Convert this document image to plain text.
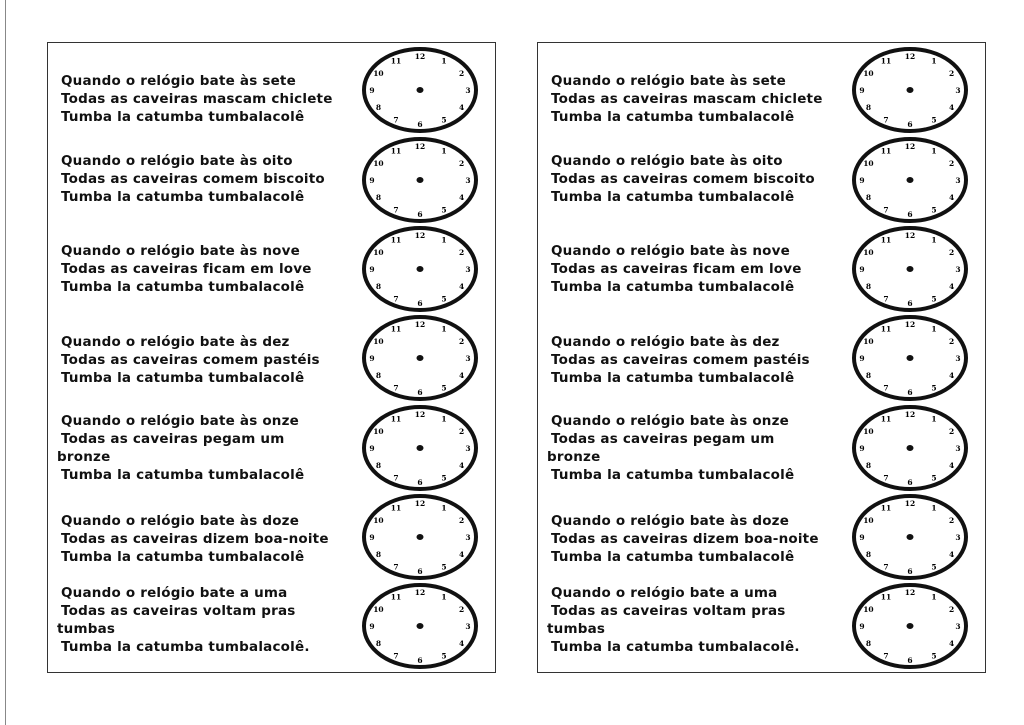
Quando o relógio bate às sete
Todas as caveiras mascam chiclete
Tumba la catumba tumbalacolê
1
2
3
4
5
6
7
8
9
10
11
12
Quando o relógio bate às oito
Todas as caveiras comem biscoito
Tumba la catumba tumbalacolê
1
2
3
4
5
6
7
8
9
10
11
12
Quando o relógio bate às nove
Todas as caveiras ficam em love
Tumba la catumba tumbalacolê
1
2
3
4
5
6
7
8
9
10
11
12
Quando o relógio bate às dez
Todas as caveiras comem pastéis
Tumba la catumba tumbalacolê
1
2
3
4
5
6
7
8
9
10
11
12
Quando o relógio bate às onze
Todas as caveiras pegam um
bronze
Tumba la catumba tumbalacolê
1
2
3
4
5
6
7
8
9
10
11
12
Quando o relógio bate às doze
Todas as caveiras dizem boa-noite
Tumba la catumba tumbalacolê
1
2
3
4
5
6
7
8
9
10
11
12
Quando o relógio bate a uma
Todas as caveiras voltam pras
tumbas
Tumba la catumba tumbalacolê.
1
2
3
4
5
6
7
8
9
10
11
12
Quando o relógio bate às sete
Todas as caveiras mascam chiclete
Tumba la catumba tumbalacolê
1
2
3
4
5
6
7
8
9
10
11
12
Quando o relógio bate às oito
Todas as caveiras comem biscoito
Tumba la catumba tumbalacolê
1
2
3
4
5
6
7
8
9
10
11
12
Quando o relógio bate às nove
Todas as caveiras ficam em love
Tumba la catumba tumbalacolê
1
2
3
4
5
6
7
8
9
10
11
12
Quando o relógio bate às dez
Todas as caveiras comem pastéis
Tumba la catumba tumbalacolê
1
2
3
4
5
6
7
8
9
10
11
12
Quando o relógio bate às onze
Todas as caveiras pegam um
bronze
Tumba la catumba tumbalacolê
1
2
3
4
5
6
7
8
9
10
11
12
Quando o relógio bate às doze
Todas as caveiras dizem boa-noite
Tumba la catumba tumbalacolê
1
2
3
4
5
6
7
8
9
10
11
12
Quando o relógio bate a uma
Todas as caveiras voltam pras
tumbas
Tumba la catumba tumbalacolê.
1
2
3
4
5
6
7
8
9
10
11
12
